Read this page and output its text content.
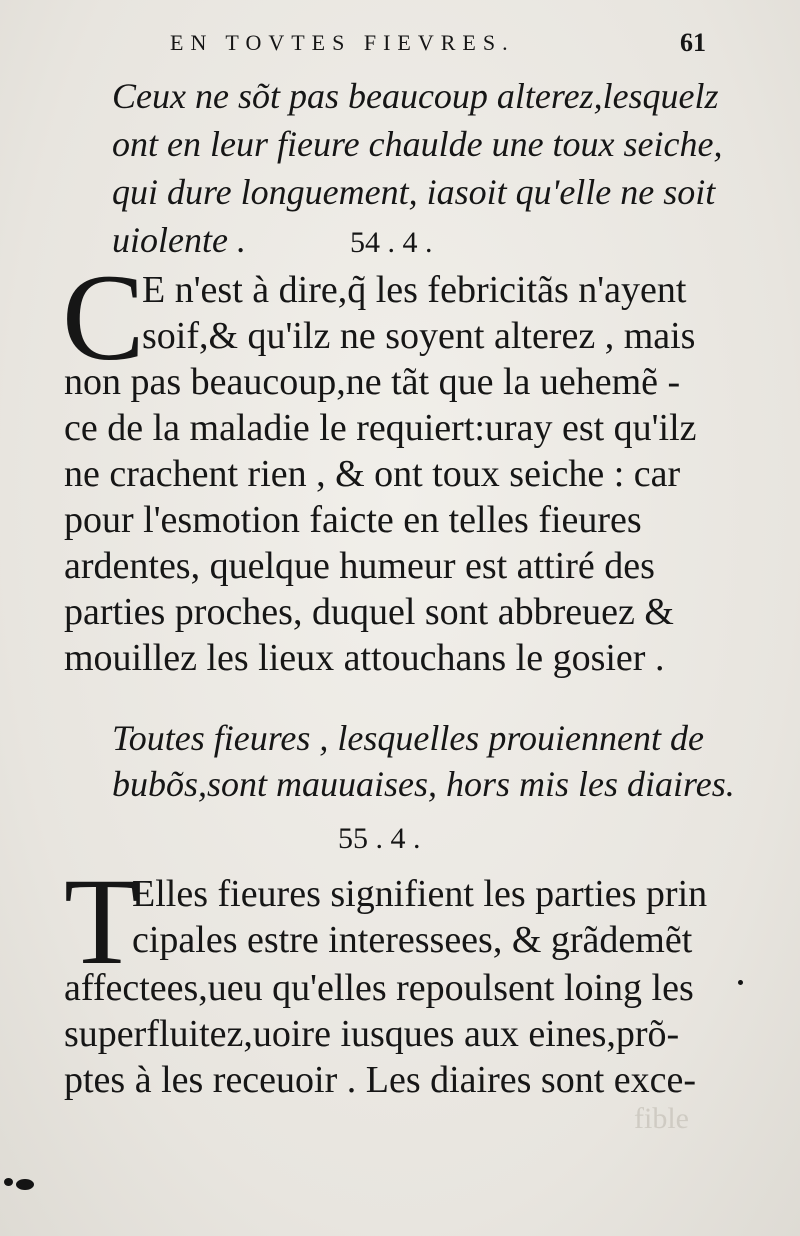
EN TOVTES FIEVRES.	61
Ceux ne sõt pas beaucoup alterez,lesquelz
ont en leur fieure chaulde une toux seiche,
qui dure longuement, iasoit qu'elle ne soit
uiolente .	54 . 4 .
C
E n'est à dire,q̃ les febricitãs n'ayent
soif,& qu'ilz ne soyent alterez , mais
non pas beaucoup,ne tãt que la uehemẽ -
ce de la maladie le requiert:uray est qu'ilz
ne crachent rien , & ont toux seiche : car
pour l'esmotion faicte en telles fieures
ardentes, quelque humeur est attiré des
parties proches, duquel sont abbreuez &
mouillez les lieux attouchans le gosier .
Toutes fieures , lesquelles prouiennent de
bubõs,sont mauuaises, hors mis les diaires.
55 . 4 .
T
Elles fieures signifient les parties prin
cipales estre interessees, & grãdemẽt
affectees,ueu qu'elles repoulsent loing les
superfluitez,uoire iusques aux eines,prõ-
ptes à les receuoir . Les diaires sont exce-
fible
